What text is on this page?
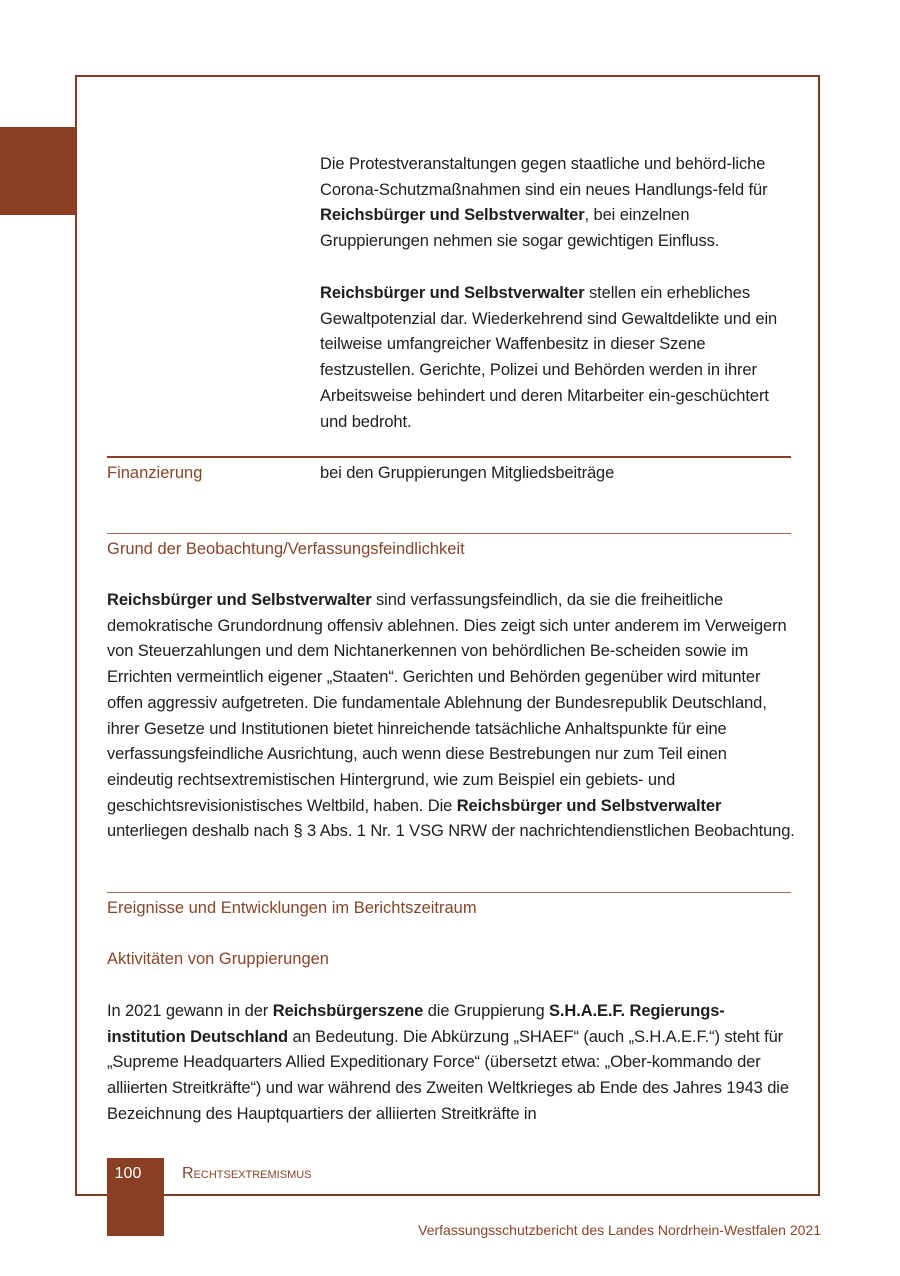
Die Protestveranstaltungen gegen staatliche und behörd-liche Corona-Schutzmaßnahmen sind ein neues Handlungs-feld für Reichsbürger und Selbstverwalter, bei einzelnen Gruppierungen nehmen sie sogar gewichtigen Einfluss.

Reichsbürger und Selbstverwalter stellen ein erhebliches Gewaltpotenzial dar. Wiederkehrend sind Gewaltdelikte und ein teilweise umfangreicher Waffenbesitz in dieser Szene festzustellen. Gerichte, Polizei und Behörden werden in ihrer Arbeitsweise behindert und deren Mitarbeiter ein-geschüchtert und bedroht.

Finanzierung	bei den Gruppierungen Mitgliedsbeiträge

Grund der Beobachtung/Verfassungsfeindlichkeit

Reichsbürger und Selbstverwalter sind verfassungsfeindlich, da sie die freiheitliche demokratische Grundordnung offensiv ablehnen. Dies zeigt sich unter anderem im Verweigern von Steuerzahlungen und dem Nichtanerkennen von behördlichen Be-scheiden sowie im Errichten vermeintlich eigener „Staaten“. Gerichten und Behörden gegenüber wird mitunter offen aggressiv aufgetreten. Die fundamentale Ablehnung der Bundesrepublik Deutschland, ihrer Gesetze und Institutionen bietet hinreichende tatsächliche Anhaltspunkte für eine verfassungsfeindliche Ausrichtung, auch wenn diese Bestrebungen nur zum Teil einen eindeutig rechtsextremistischen Hintergrund, wie zum Beispiel ein gebiets- und geschichtsrevisionistisches Weltbild, haben. Die Reichsbürger und Selbstverwalter unterliegen deshalb nach § 3 Abs. 1 Nr. 1 VSG NRW der nachrichtendienstlichen Beobachtung.

Ereignisse und Entwicklungen im Berichtszeitraum

Aktivitäten von Gruppierungen

In 2021 gewann in der Reichsbürgerszene die Gruppierung S.H.A.E.F. Regierungs-institution Deutschland an Bedeutung. Die Abkürzung „SHAEF“ (auch „S.H.A.E.F.“) steht für „Supreme Headquarters Allied Expeditionary Force“ (übersetzt etwa: „Ober-kommando der alliierten Streitkräfte“) und war während des Zweiten Weltkrieges ab Ende des Jahres 1943 die Bezeichnung des Hauptquartiers der alliierten Streitkräfte in

100	Rechtsextremismus
Verfassungsschutzbericht des Landes Nordrhein-Westfalen 2021
